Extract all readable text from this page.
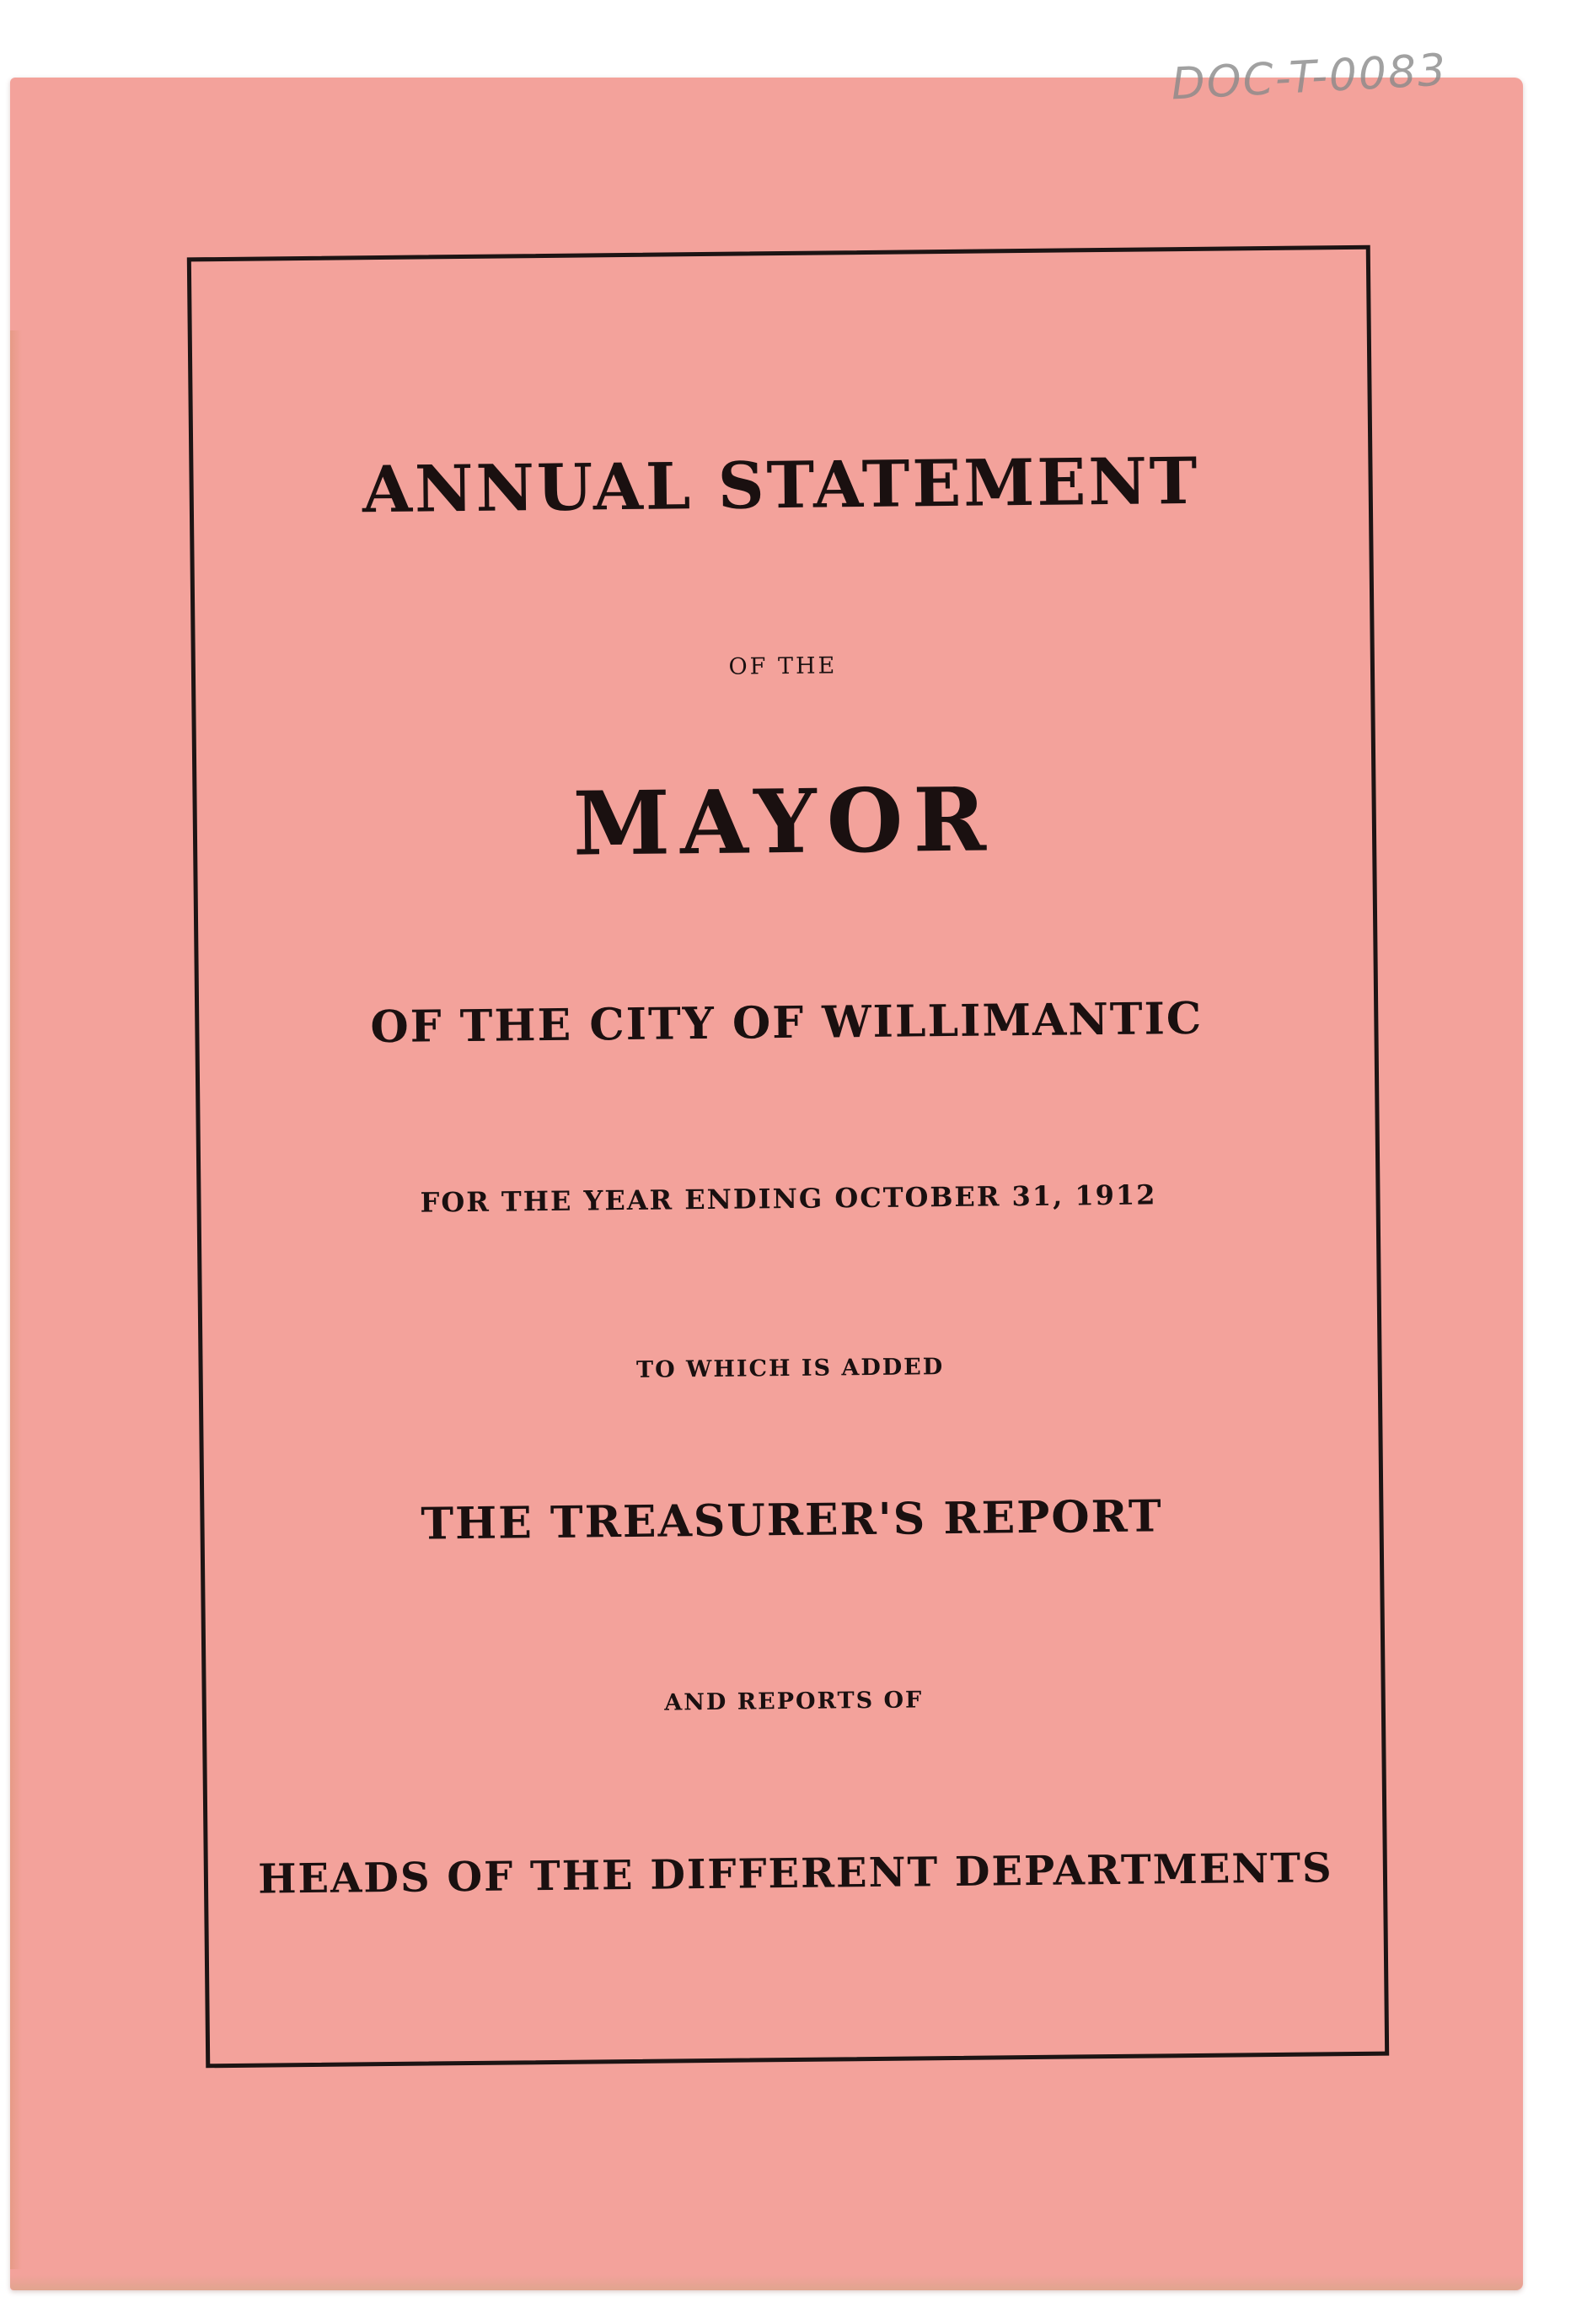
DOC-T-0083
ANNUAL STATEMENT
OF THE
MAYOR
OF THE CITY OF WILLIMANTIC
FOR THE YEAR ENDING OCTOBER 31, 1912
TO WHICH IS ADDED
THE TREASURER'S REPORT
AND REPORTS OF
HEADS OF THE DIFFERENT DEPARTMENTS
